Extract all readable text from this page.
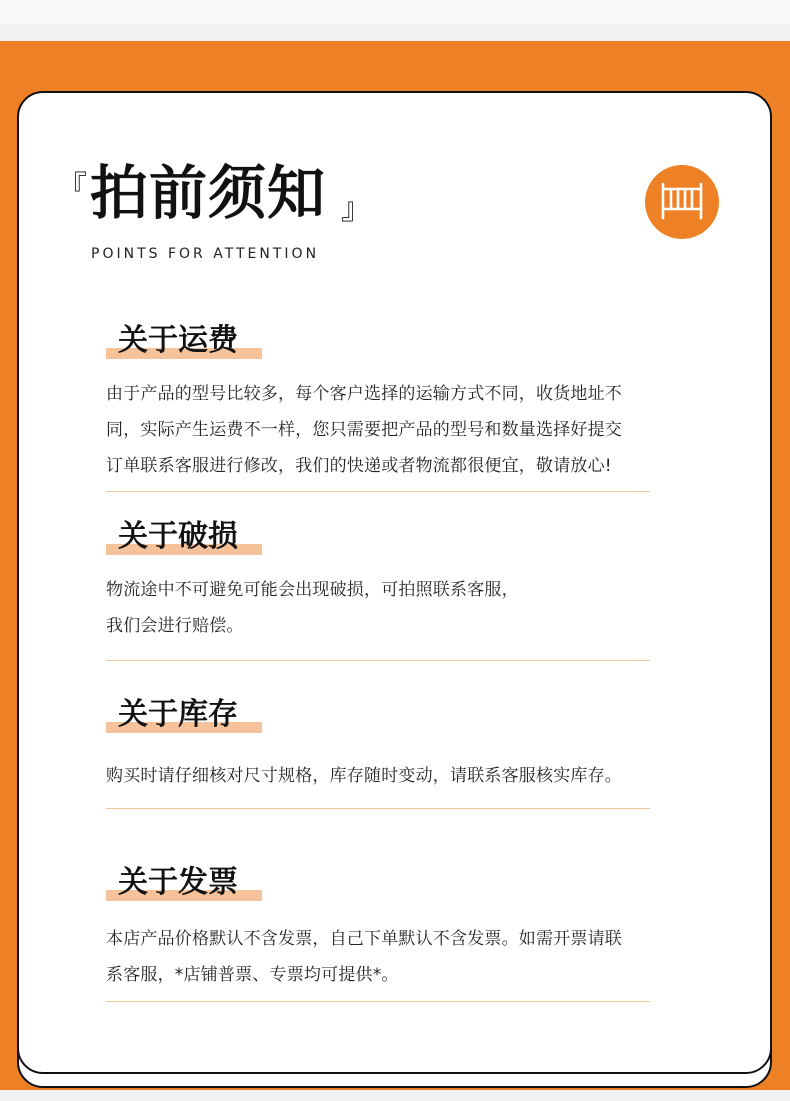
『 拍前须知 』
POINTS FOR ATTENTION
关于运费
由于产品的型号比较多，每个客户选择的运输方式不同，收货地址不
同，实际产生运费不一样，您只需要把产品的型号和数量选择好提交
订单联系客服进行修改，我们的快递或者物流都很便宜，敬请放心!
关于破损
物流途中不可避免可能会出现破损，可拍照联系客服，
我们会进行赔偿。
关于库存
购买时请仔细核对尺寸规格，库存随时变动，请联系客服核实库存。
关于发票
本店产品价格默认不含发票，自己下单默认不含发票。如需开票请联
系客服，*店铺普票、专票均可提供*。
